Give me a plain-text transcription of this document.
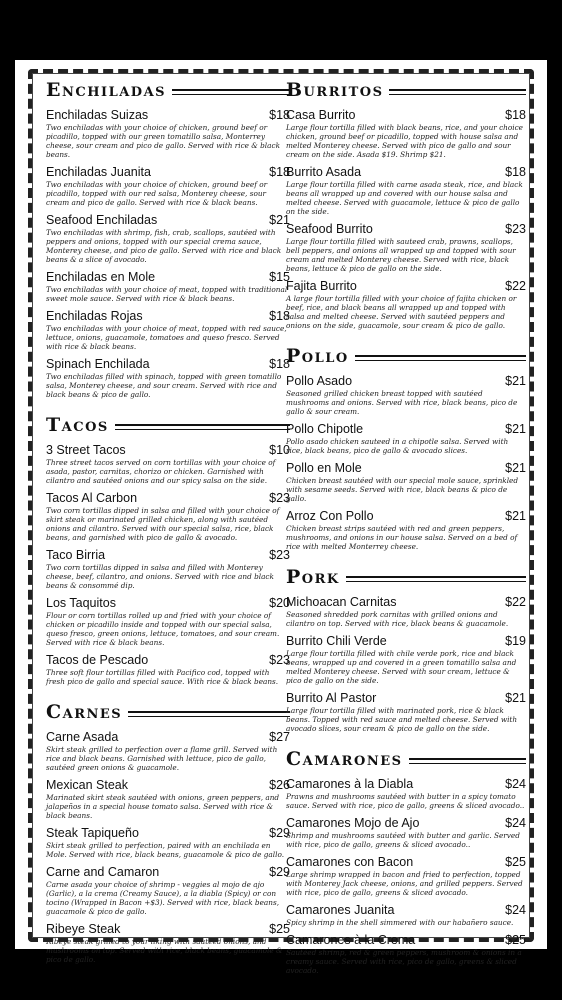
Enchiladas
Enchiladas Suizas	$18
Two enchiladas with your choice of chicken, ground beef or picadillo, topped with our green tomatillo salsa, Monterrey cheese, sour cream and pico de gallo. Served with rice & black beans.
Enchiladas Juanita	$18
Two enchiladas with your choice of chicken, ground beef or picadillo, topped with our red salsa, Monterey cheese, sour cream and pico de gallo. Served with rice & black beans.
Seafood Enchiladas	$21
Two enchiladas with shrimp, fish, crab, scallops, sautéed with peppers and onions, topped with our special crema sauce, Monterey cheese, and pico de gallo. Served with rice and black beans & a slice of avocado.
Enchiladas en Mole	$15
Two enchiladas with your choice of meat, topped with traditional sweet mole sauce. Served with rice & black beans.
Enchiladas Rojas	$18
Two enchiladas with your choice of meat, topped with red sauce, lettuce, onions, guacamole, tomatoes and queso fresco. Served with rice & black beans.
Spinach Enchilada	$18
Two enchiladas filled with spinach, topped with green tomatillo salsa, Monterey cheese, and sour cream. Served with rice and black beans & pico de gallo.
Tacos
3 Street Tacos	$10
Three street tacos served on corn tortillas with your choice of asada, pastor, carnitas, chorizo or chicken. Garnished with cilantro and sautéed onions and our spicy salsa on the side.
Tacos Al Carbon	$23
Two corn tortillas dipped in salsa and filled with your choice of skirt steak or marinated grilled chicken, along with sautéed onions and cilantro. Served with our special salsa, rice, black beans, and garnished with pico de gallo & avocado.
Taco Birria	$23
Two corn tortillas dipped in salsa and filled with Monterey cheese, beef, cilantro, and onions. Served with rice and black beans & consommé dip.
Los Taquitos	$20
Flour or corn tortillas rolled up and fried with your choice of chicken or picadillo inside and topped with our special salsa, queso fresco, green onions, lettuce, tomatoes, and sour cream. Served with rice & black beans.
Tacos de Pescado	$23
Three soft flour tortillas filled with Pacifico cod, topped with fresh pico de gallo and special sauce. With rice & black beans.
Carnes
Carne Asada	$27
Skirt steak grilled to perfection over a flame grill. Served with rice and black beans. Garnished with lettuce, pico de gallo, sautéed green onions & guacamole.
Mexican Steak	$26
Marinated skirt steak sautéed with onions, green peppers, and jalapeños in a special house tomato salsa. Served with rice & black beans.
Steak Tapiqueño	$29
Skirt steak grilled to perfection, paired with an enchilada en Mole. Served with rice, black beans, guacamole & pico de gallo.
Carne and Camaron	$29
Carne asada your choice of shrimp - veggies al mojo de ajo (Garlic), a la crema (Creamy Sauce), a la diabla (Spicy) or con tocino (Wrapped in Bacon +$3). Served with rice, black beans, guacamole & pico de gallo.
Ribeye Steak	$25
Ribeye steak grilled to your liking with sautéed onions, and mushrooms on top. Served with rice, black beans, guacamole & pico de gallo.
Burritos
Casa Burrito	$18
Large flour tortilla filled with black beans, rice, and your choice chicken, ground beef or picadillo, topped with house salsa and melted Monterey cheese. Served with pico de gallo and sour cream on the side. Asada $19. Shrimp $21.
Burrito Asada	$18
Large flour tortilla filled with carne asada steak, rice, and black beans all wrapped up and covered with our house salsa and melted cheese. Served with guacamole, lettuce & pico de gallo on the side.
Seafood Burrito	$23
Large flour tortilla filled with sauteed crab, prawns, scallops, bell peppers, and onions all wrapped up and topped with sour cream and melted Monterey cheese. Served with rice, black beans, lettuce & pico de gallo on the side.
Fajita Burrito	$22
A large flour tortilla filled with your choice of fajita chicken or beef, rice, and black beans all wrapped up and topped with salsa and melted cheese. Served with sautéed peppers and onions on the side, guacamole, sour cream & pico de gallo.
Pollo
Pollo Asado	$21
Seasoned grilled chicken breast topped with sautéed mushrooms and onions. Served with rice, black beans, pico de gallo & sour cream.
Pollo Chipotle	$21
Pollo asado chicken sauteed in a chipotle salsa. Served with rice, black beans, pico de gallo & avocado slices.
Pollo en Mole	$21
Chicken breast sautéed with our special mole sauce, sprinkled with sesame seeds. Served with rice, black beans & pico de gallo.
Arroz Con Pollo	$21
Chicken breast strips sautéed with red and green peppers, mushrooms, and onions in our house salsa. Served on a bed of rice with melted Monterrey cheese.
Pork
Michoacan Carnitas	$22
Seasoned shredded pork carnitas with grilled onions and cilantro on top. Served with rice, black beans & guacamole.
Burrito Chili Verde	$19
Large flour tortilla filled with chile verde pork, rice and black beans, wrapped up and covered in a green tomatillo salsa and melted Monterey cheese. Served with sour cream, lettuce & pico de gallo on the side.
Burrito Al Pastor	$21
Large flour tortilla filled with marinated pork, rice & black beans. Topped with red sauce and melted cheese. Served with avocado slices, sour cream & pico de gallo on the side.
Camarones
Camarones à la Diabla	$24
Prawns and mushrooms sautéed with butter in a spicy tomato sauce. Served with rice, pico de gallo, greens & sliced avocado..
Camarones Mojo de Ajo	$24
Shrimp and mushrooms sautéed with butter and garlic. Served with rice, pico de gallo, greens & sliced avocado..
Camarones con Bacon	$25
Large shrimp wrapped in bacon and fried to perfection, topped with Monterey Jack cheese, onions, and grilled peppers. Served with rice, pico de gallo, greens & sliced avocado.
Camarones Juanita	$24
Spicy shrimp in the shell simmered with our habañero sauce.
Camarones à la Crema	$25
Sautéed shrimp, red & green peppers, mushroom & onions in a creamy sauce. Served with rice, pico de gallo, greens & sliced avocado.
